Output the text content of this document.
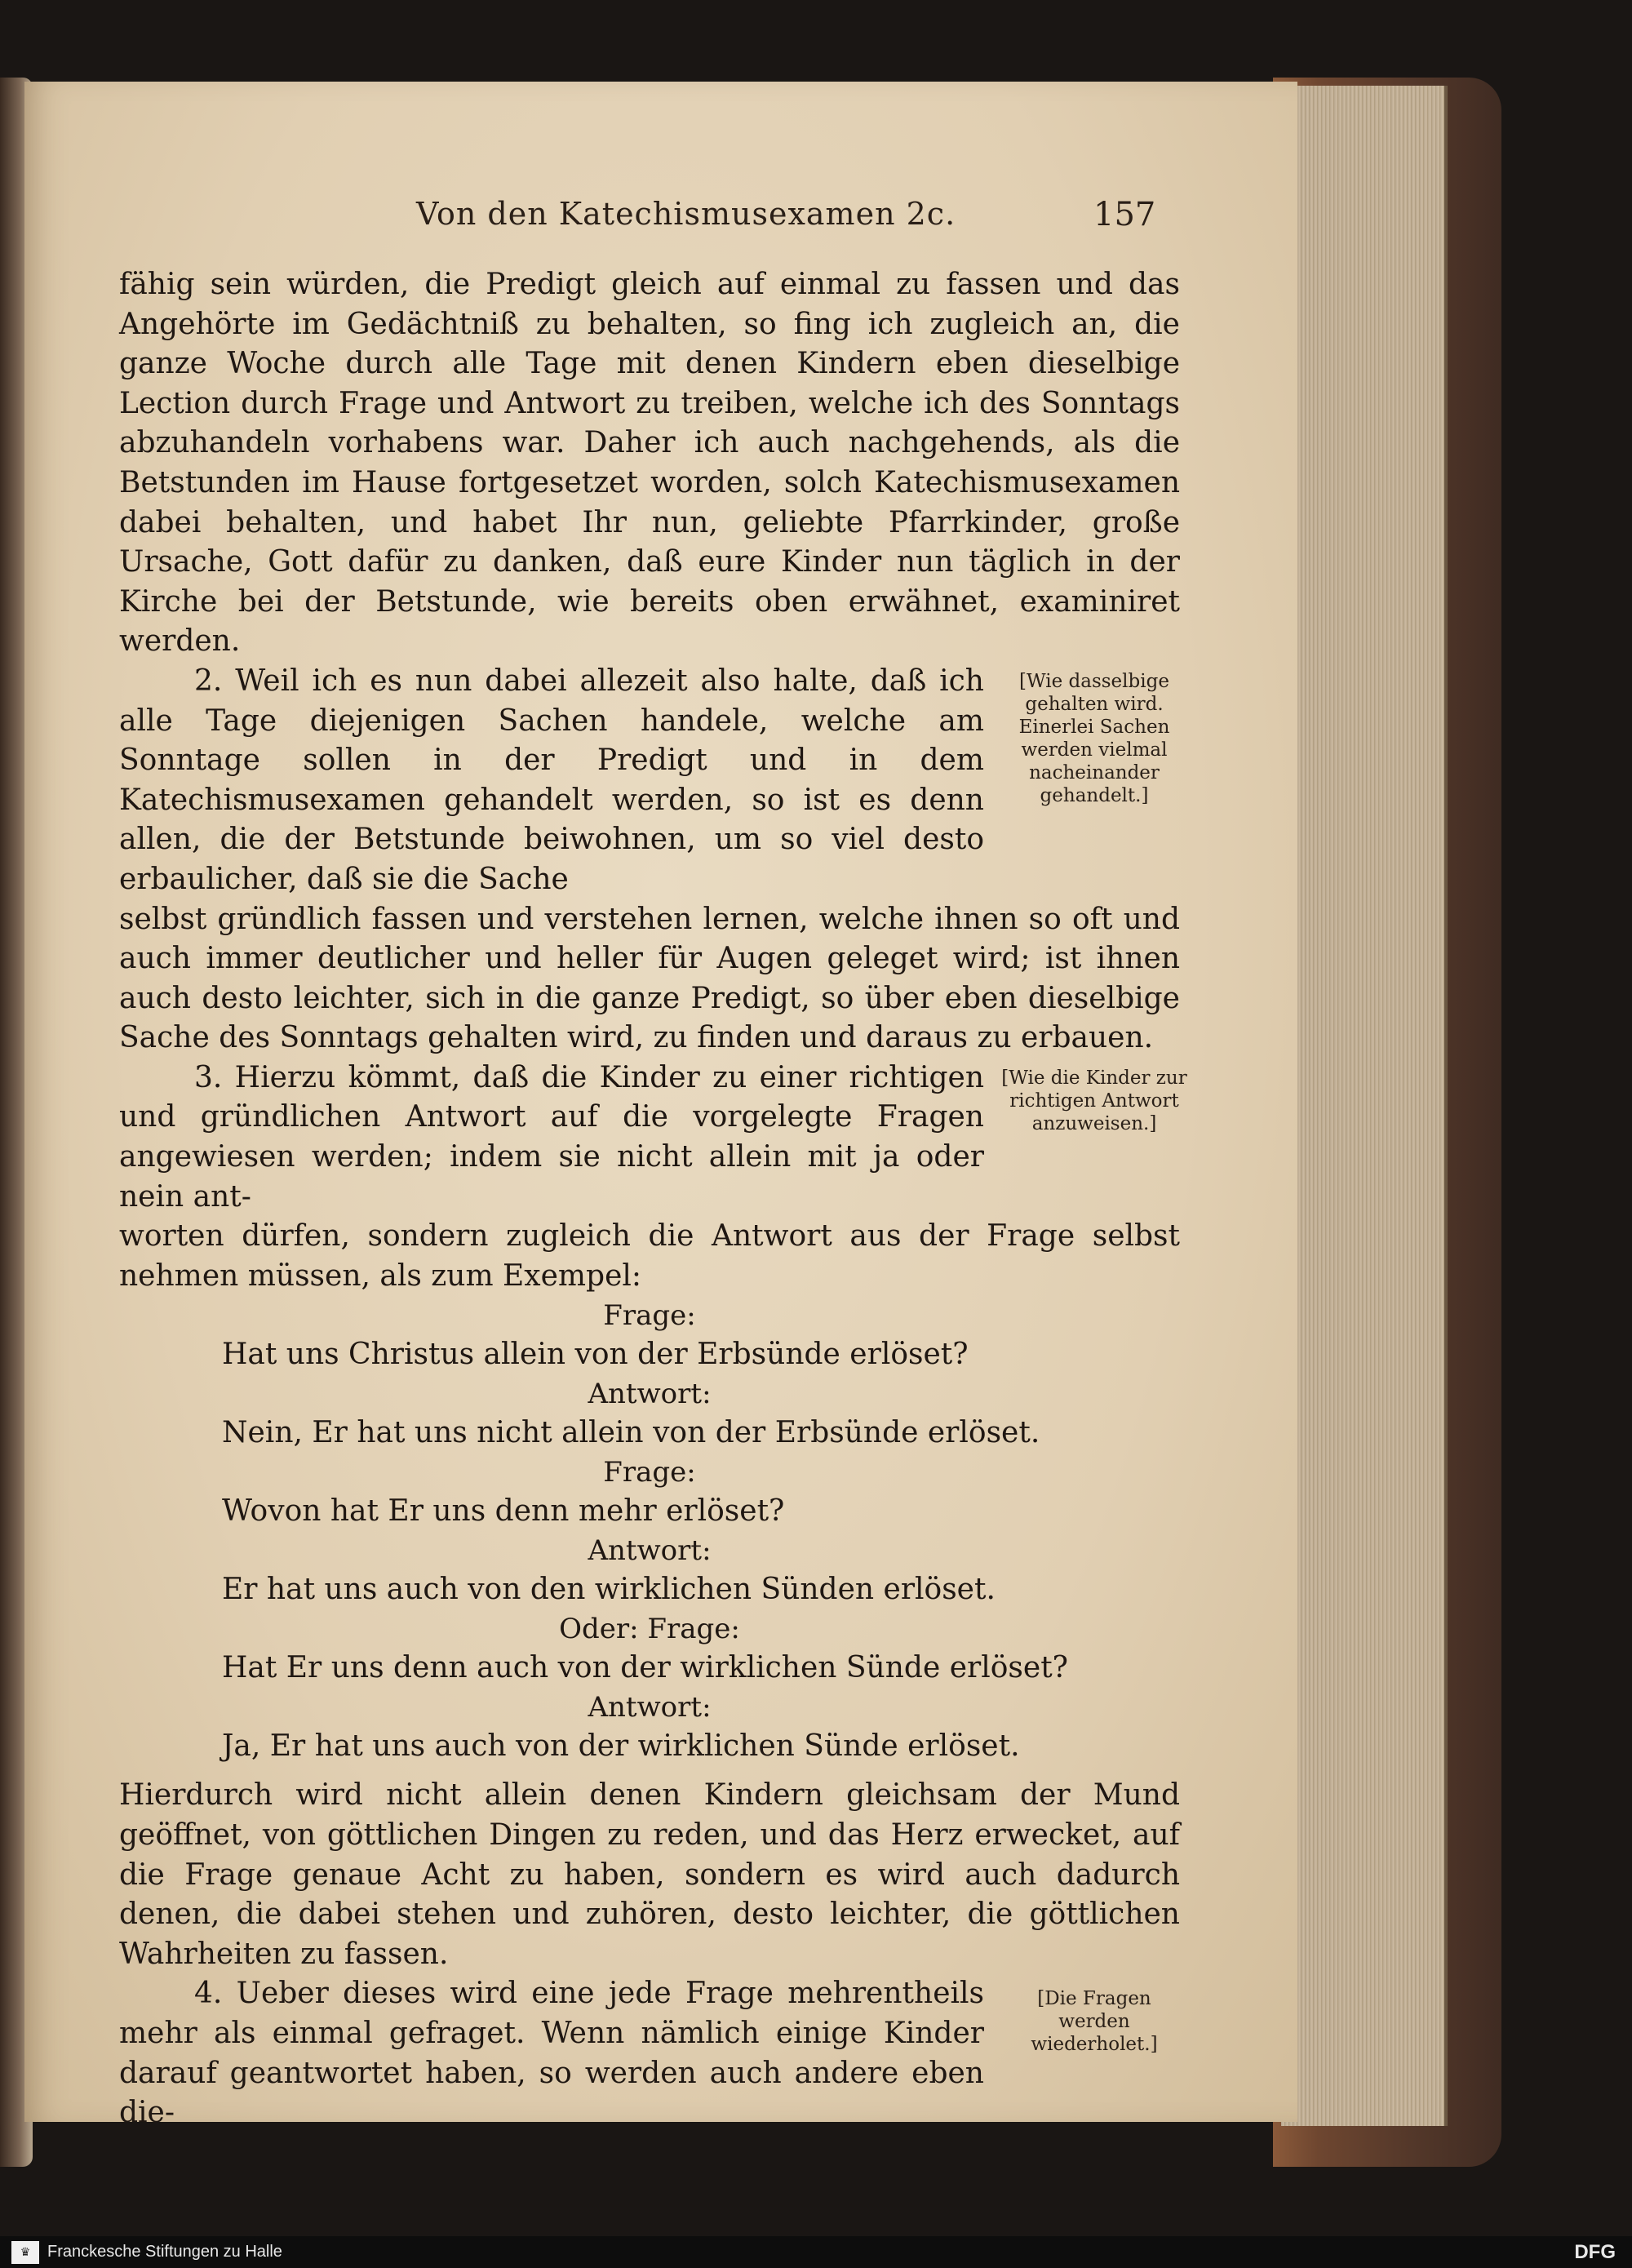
Von den Katechismusexamen 2c.	157

fähig sein würden, die Predigt gleich auf einmal zu fassen und das Angehörte im Gedächtniß zu behalten, so fing ich zugleich an, die ganze Woche durch alle Tage mit denen Kindern eben dieselbige Lection durch Frage und Antwort zu treiben, welche ich des Sonntags abzuhandeln vorhabens war. Daher ich auch nachgehends, als die Betstunden im Hause fortgesetzet worden, solch Katechismusexamen dabei behalten, und habet Ihr nun, geliebte Pfarrkinder, große Ursache, Gott dafür zu danken, daß eure Kinder nun täglich in der Kirche bei der Betstunde, wie bereits oben erwähnet, examiniret werden.

2. Weil ich es nun dabei allezeit also halte, daß ich alle Tage diejenigen Sachen handele, welche am Sonntage sollen in der Predigt und in dem Katechismusexamen gehandelt werden, so ist es denn allen, die der Betstunde beiwohnen, um so viel desto erbaulicher, daß sie die Sache

[Wie dasselbige gehalten wird. Einerlei Sachen werden vielmal nacheinander gehandelt.]

selbst gründlich fassen und verstehen lernen, welche ihnen so oft und auch immer deutlicher und heller für Augen geleget wird; ist ihnen auch desto leichter, sich in die ganze Predigt, so über eben dieselbige Sache des Sonntags gehalten wird, zu finden und daraus zu erbauen.

3. Hierzu kömmt, daß die Kinder zu einer richtigen und gründlichen Antwort auf die vorgelegte Fragen angewiesen werden; indem sie nicht allein mit ja oder nein ant-

[Wie die Kinder zur richtigen Antwort anzuweisen.]

worten dürfen, sondern zugleich die Antwort aus der Frage selbst nehmen müssen, als zum Exempel:

Frage:
Hat uns Christus allein von der Erbsünde erlöset?
Antwort:
Nein, Er hat uns nicht allein von der Erbsünde erlöset.
Frage:
Wovon hat Er uns denn mehr erlöset?
Antwort:
Er hat uns auch von den wirklichen Sünden erlöset.
Oder: Frage:
Hat Er uns denn auch von der wirklichen Sünde erlöset?
Antwort:
Ja, Er hat uns auch von der wirklichen Sünde erlöset.

Hierdurch wird nicht allein denen Kindern gleichsam der Mund geöffnet, von göttlichen Dingen zu reden, und das Herz erwecket, auf die Frage genaue Acht zu haben, sondern es wird auch dadurch denen, die dabei stehen und zuhören, desto leichter, die göttlichen Wahrheiten zu fassen.

4. Ueber dieses wird eine jede Frage mehrentheils mehr als einmal gefraget. Wenn nämlich einige Kinder darauf geantwortet haben, so werden auch andere eben die-

[Die Fragen werden wiederholet.]
♛	Franckesche Stiftungen zu Halle	DFG
